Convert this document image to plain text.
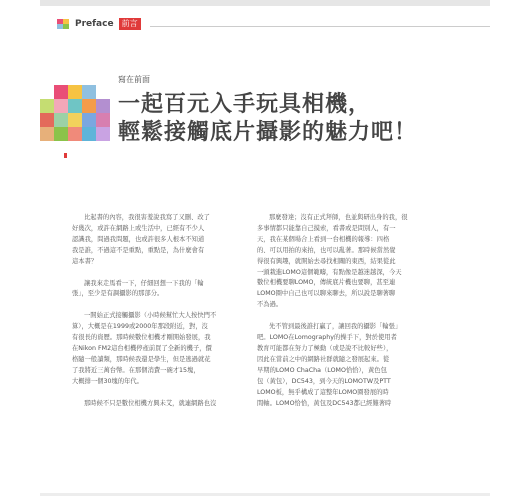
Preface	前言
寫在前面
一起百元入手玩具相機，
輕鬆接觸底片攝影的魅力吧！

比起書的內容，我很害羞說我寫了又刪、改了

好幾次，或許在網路上或生活中，已經有不少人

認識我，問過我問題，也或許很多人根本不知道

我是誰，不過這不是重點，重點是，為什麼會有

這本書？

讓我來走馬看一下，仔細回想一下我的「輪

張」，至少是有調攝影的那部分。

一開始正式接觸攝影（小時候幫忙大人按快門不

算），大概是在1999或2000年那段附近，對，沒

有很長的資歷。那時候數位相機才剛開始發展，我

在Nikon FM2這台相機停產前買了全新的機子，價

格隨一般讀類，那時候我還是學生，但是逃過就花

了我將近三萬台幣。在那個消費一碗才15塊，

大概排一個30塊的年代。

那時候不只是數位相機方興未艾，就連網路也沒

那麼發達；沒有正式拜師，也並與研出身的我，很

多事情都只能靠自己摸索，看書或是問別人，有一

天，我在某個場合上看到一台相機的報導：四格

的、可以用拍的來拍，也可以亂著。那時候當然覺

得很有興趣，就開始去尋找相關的東西，結果從此

一頭栽進LOMO這個範疇，有點像是越迷越深，今天

數位相機要聊LOMO，傳統底片機也要聊，甚至連

LOMO圈中自己也可以聊來聊去，所以說是聊著聊

不為過。

先不管到最後誰打贏了，讓回我的攝影「輪張」

吧。LOMO在Lomography的操手下，對於使用者

教育可能都在努力了極動（或是說不比較好些），

因此在當前之中的網路社群就隨之發展起來。從

早期的LOMO ChaCha（LOMO恰恰），黃色包

包（黃包），DC543，到今天的LOMOTW及PTT

LOMO板，無乎構成了這整年LOMO圈發展的時

間軸。LOMO恰恰，黃包及DC543都已經難著時
